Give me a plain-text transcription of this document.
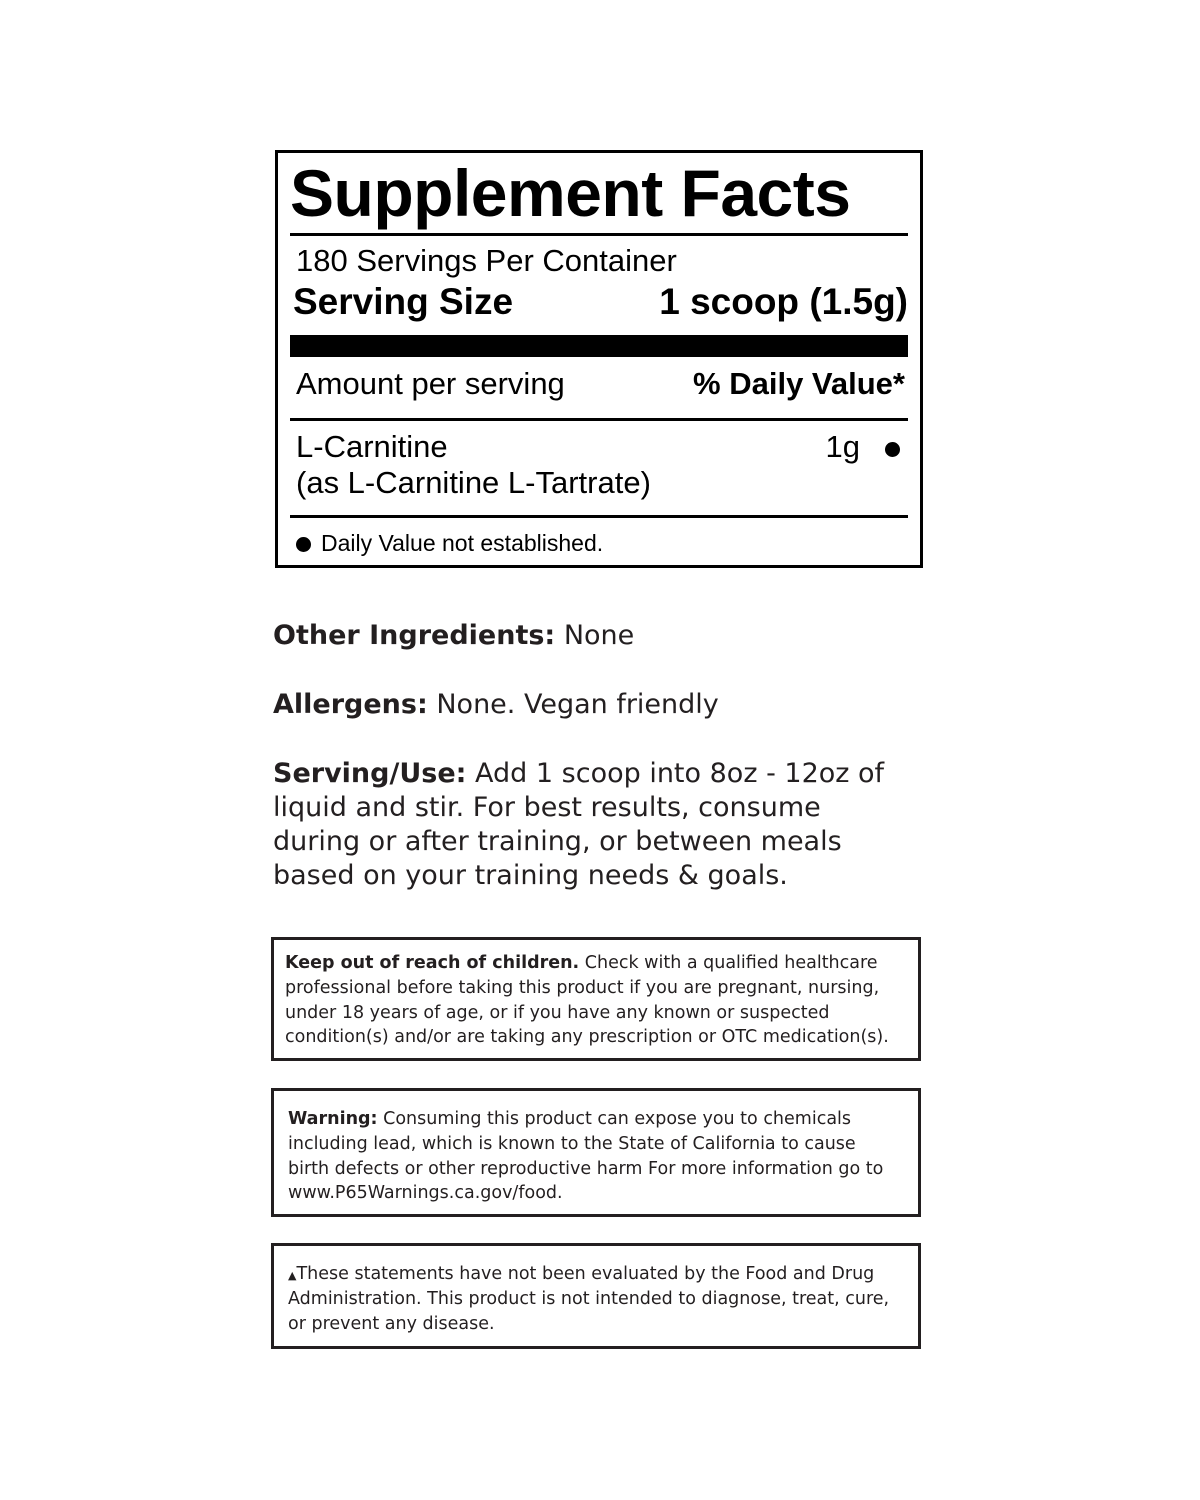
Supplement Facts
180 Servings Per Container
Serving Size	1 scoop (1.5g)
Amount per serving	% Daily Value*
L-Carnitine
(as L-Carnitine L-Tartrate)
1g
Daily Value not established.
Other Ingredients: None
Allergens: None. Vegan friendly
Serving/Use: Add 1 scoop into 8oz - 12oz of liquid and stir. For best results, consume during or after training, or between meals based on your training needs & goals.
Keep out of reach of children. Check with a qualified healthcare professional before taking this product if you are pregnant, nursing, under 18 years of age, or if you have any known or suspected condition(s) and/or are taking any prescription or OTC medication(s).
Warning: Consuming this product can expose you to chemicals including lead, which is known to the State of California to cause birth defects or other reproductive harm For more information go to www.P65Warnings.ca.gov/food.
▲These statements have not been evaluated by the Food and Drug Administration. This product is not intended to diagnose, treat, cure, or prevent any disease.
